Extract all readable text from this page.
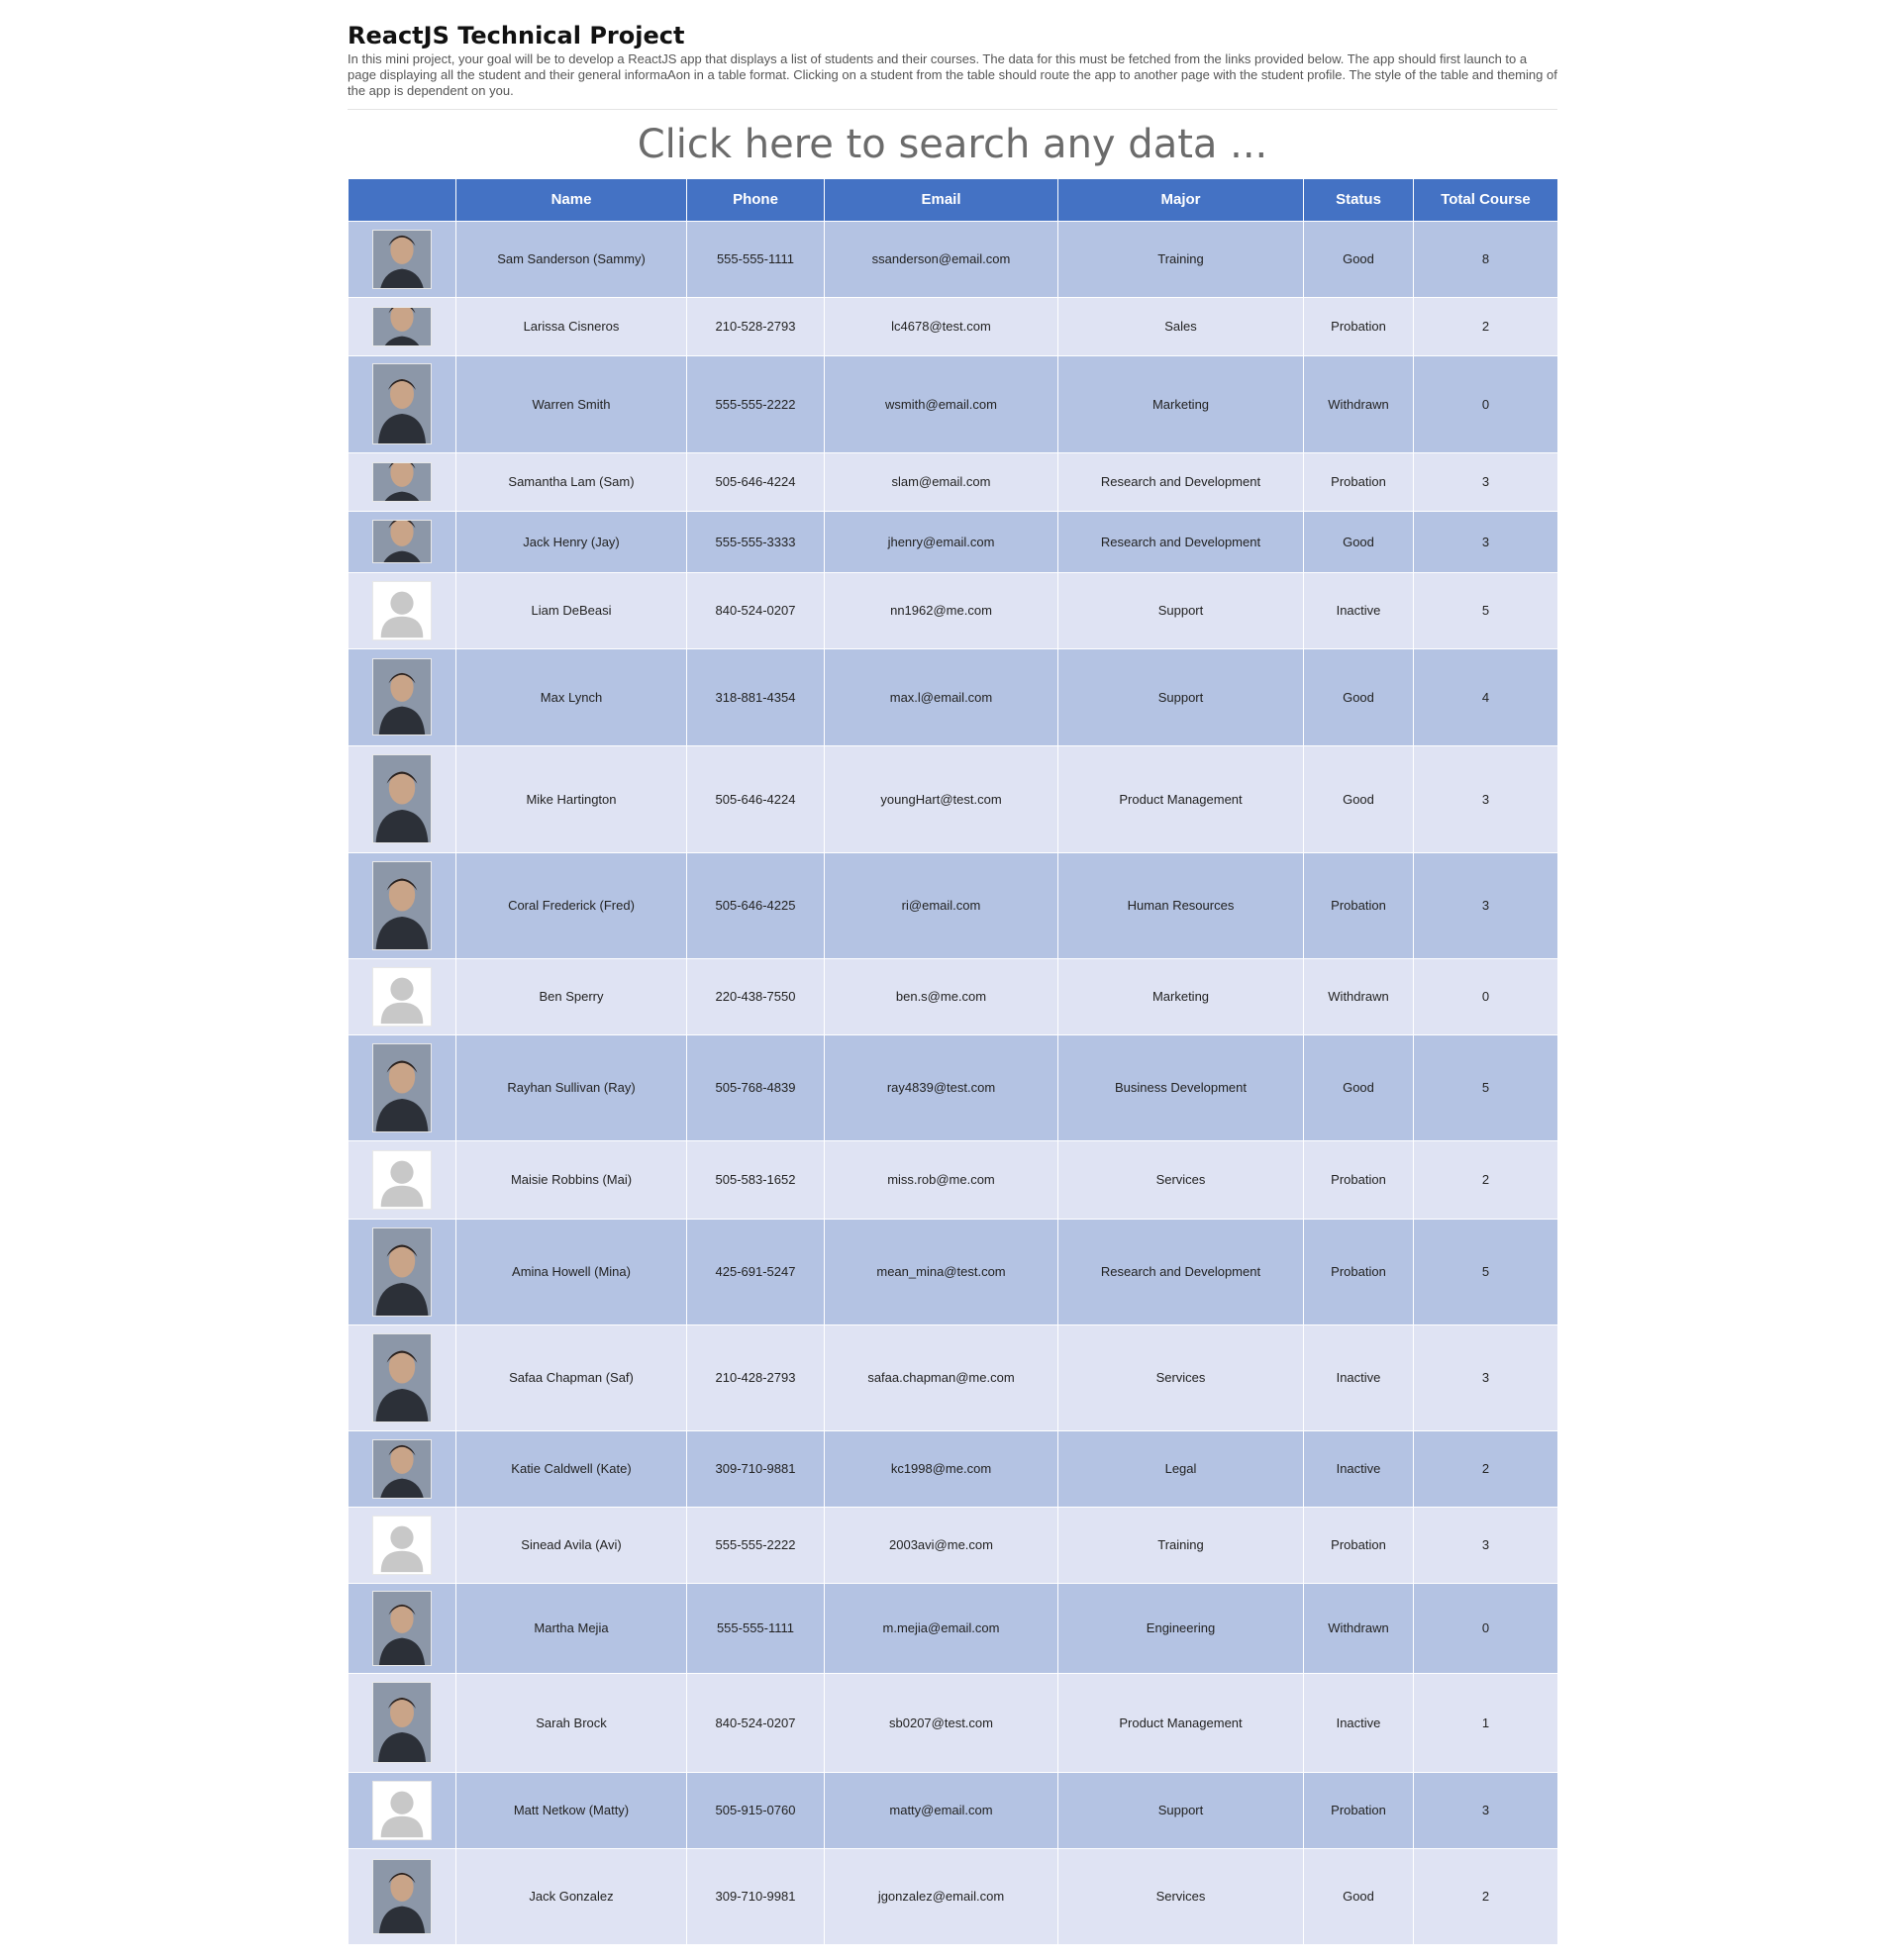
ReactJS Technical Project

In this mini project, your goal will be to develop a ReactJS app that displays a list of students and their courses. The data for this must be fetched from the links provided below. The app should first launch to a page displaying all the student and their general informaAon in a table format. Clicking on a student from the table should route the app to another page with the student profile. The style of the table and theming of the app is dependent on you.

Click here to search any data ...
	Name	Phone	Email	Major	Status	Total Course

	Sam Sanderson (Sammy)	555-555-1111	ssanderson@email.com	Training	Good	8

	Larissa Cisneros	210-528-2793	lc4678@test.com	Sales	Probation	2

	Warren Smith	555-555-2222	wsmith@email.com	Marketing	Withdrawn	0

	Samantha Lam (Sam)	505-646-4224	slam@email.com	Research and Development	Probation	3

	Jack Henry (Jay)	555-555-3333	jhenry@email.com	Research and Development	Good	3

	Liam DeBeasi	840-524-0207	nn1962@me.com	Support	Inactive	5

	Max Lynch	318-881-4354	max.l@email.com	Support	Good	4

	Mike Hartington	505-646-4224	youngHart@test.com	Product Management	Good	3

	Coral Frederick (Fred)	505-646-4225	ri@email.com	Human Resources	Probation	3

	Ben Sperry	220-438-7550	ben.s@me.com	Marketing	Withdrawn	0

	Rayhan Sullivan (Ray)	505-768-4839	ray4839@test.com	Business Development	Good	5

	Maisie Robbins (Mai)	505-583-1652	miss.rob@me.com	Services	Probation	2

	Amina Howell (Mina)	425-691-5247	mean_mina@test.com	Research and Development	Probation	5

	Safaa Chapman (Saf)	210-428-2793	safaa.chapman@me.com	Services	Inactive	3

	Katie Caldwell (Kate)	309-710-9881	kc1998@me.com	Legal	Inactive	2

	Sinead Avila (Avi)	555-555-2222	2003avi@me.com	Training	Probation	3

	Martha Mejia	555-555-1111	m.mejia@email.com	Engineering	Withdrawn	0

	Sarah Brock	840-524-0207	sb0207@test.com	Product Management	Inactive	1

	Matt Netkow (Matty)	505-915-0760	matty@email.com	Support	Probation	3

	Jack Gonzalez	309-710-9981	jgonzalez@email.com	Services	Good	2
